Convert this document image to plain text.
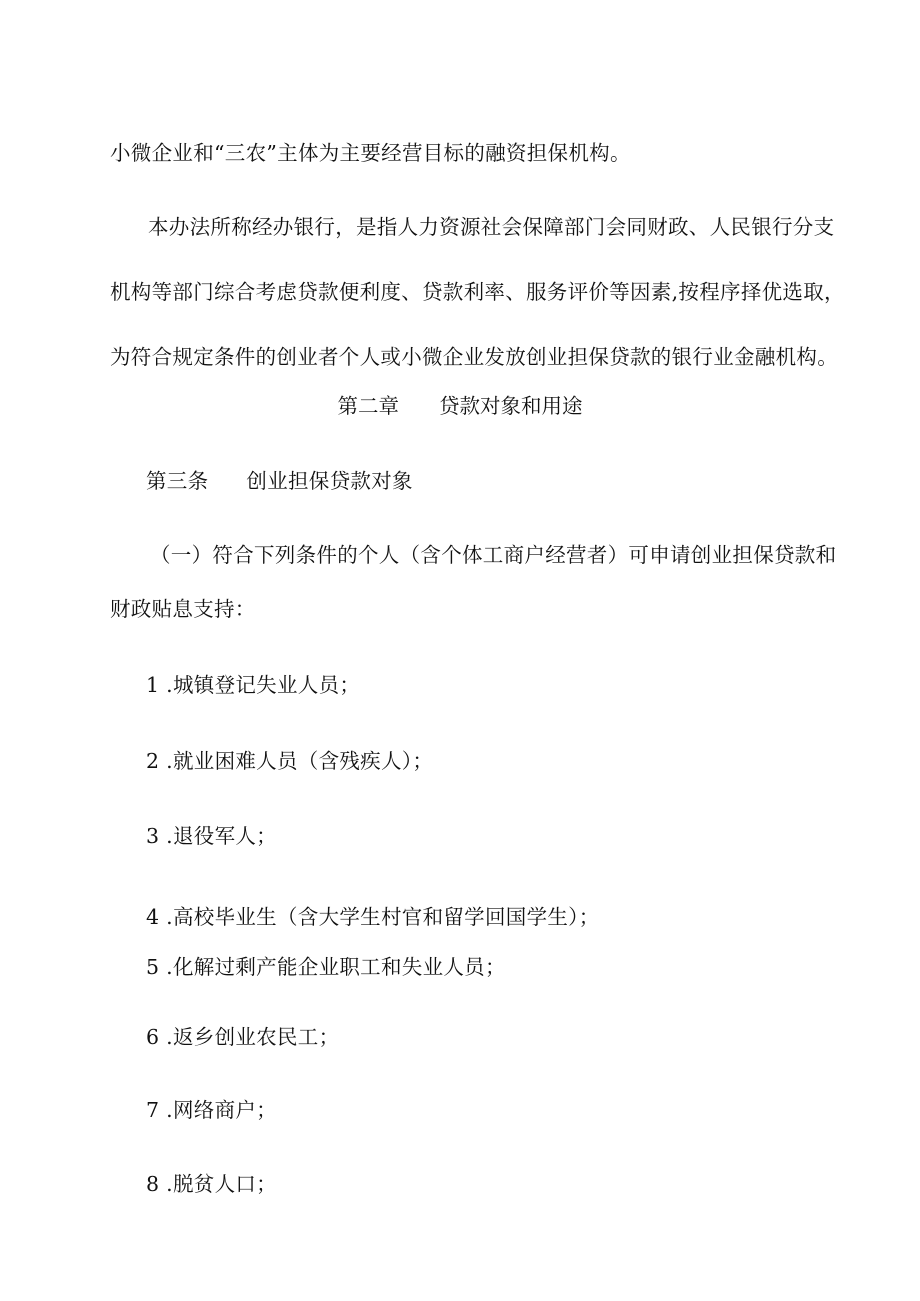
小微企业和“三农”主体为主要经营目标的融资担保机构。
本办法所称经办银行，是指人力资源社会保障部门会同财政、人民银行分支
机构等部门综合考虑贷款便利度、贷款利率、服务评价等因素,按程序择优选取，
为符合规定条件的创业者个人或小微企业发放创业担保贷款的银行业金融机构。
第二章 贷款对象和用途
第三条 创业担保贷款对象
（一）符合下列条件的个人（含个体工商户经营者）可申请创业担保贷款和
财政贴息支持：
1 .城镇登记失业人员；
2 .就业困难人员（含残疾人）；
3 .退役军人；
4 .高校毕业生（含大学生村官和留学回国学生）；
5 .化解过剩产能企业职工和失业人员；
6 .返乡创业农民工；
7 .网络商户；
8 .脱贫人口；
